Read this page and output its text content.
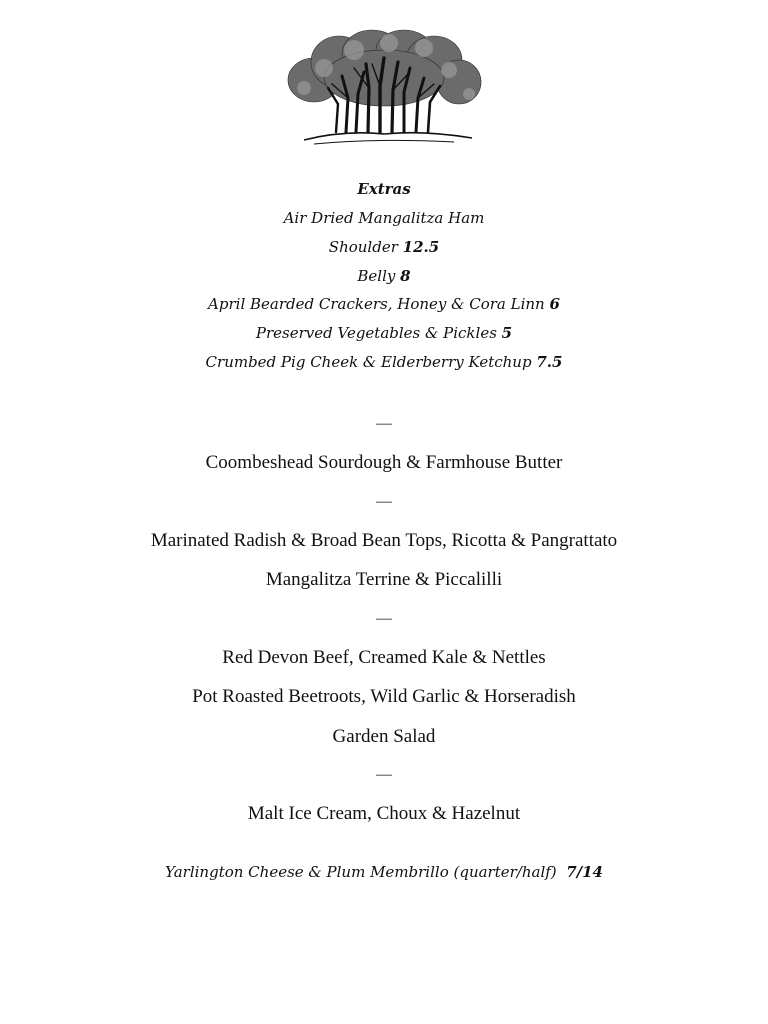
Extras
Air Dried Mangalitza Ham
Shoulder 12.5
Belly 8
April Bearded Crackers, Honey & Cora Linn 6
Preserved Vegetables & Pickles 5
Crumbed Pig Cheek & Elderberry Ketchup 7.5
—
Coombeshead Sourdough & Farmhouse Butter
—
Marinated Radish & Broad Bean Tops, Ricotta & Pangrattato
Mangalitza Terrine & Piccalilli
—
Red Devon Beef, Creamed Kale & Nettles
Pot Roasted Beetroots, Wild Garlic & Horseradish
Garden Salad
—
Malt Ice Cream, Choux & Hazelnut
Yarlington Cheese & Plum Membrillo (quarter/half)  7/14
